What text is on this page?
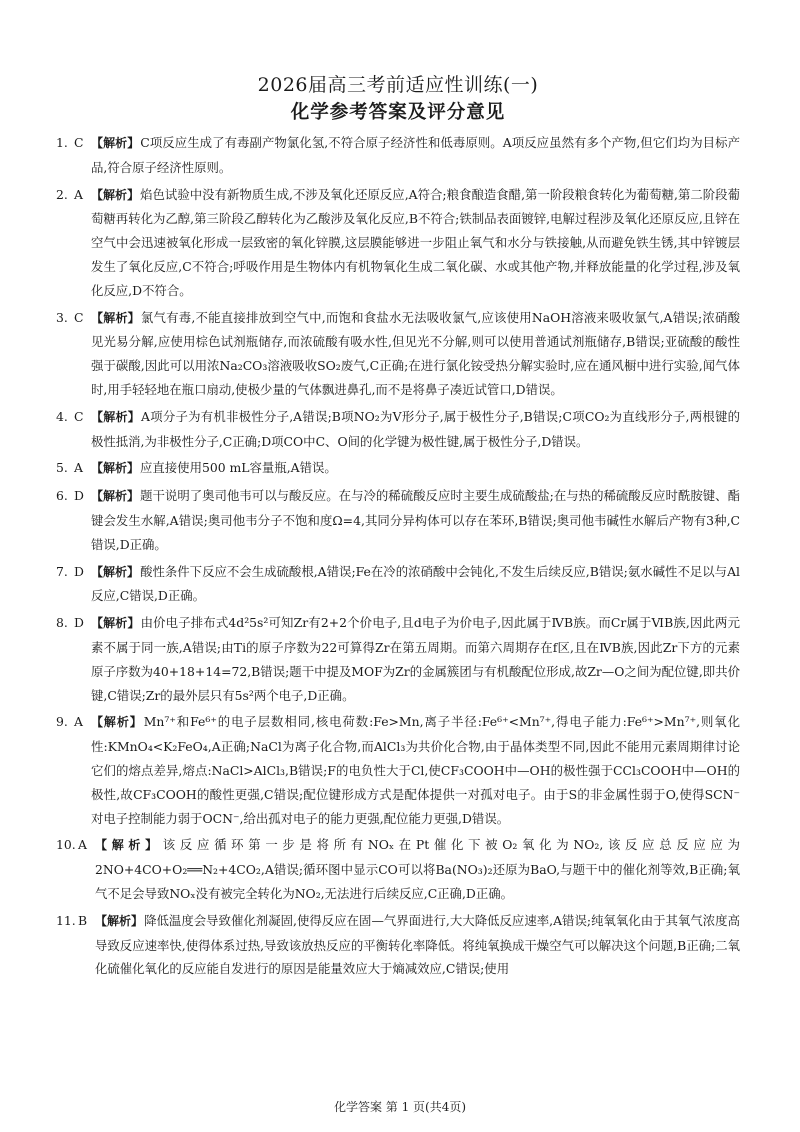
2026届高三考前适应性训练(一)
化学参考答案及评分意见
1. C 【解析】C项反应生成了有毒副产物氯化氢,不符合原子经济性和低毒原则。A项反应虽然有多个产物,但它们均为目标产品,符合原子经济性原则。
2. A 【解析】焰色试验中没有新物质生成,不涉及氧化还原反应,A符合;粮食酿造食醋,第一阶段粮食转化为葡萄糖,第二阶段葡萄糖再转化为乙醇,第三阶段乙醇转化为乙酸涉及氧化反应,B不符合;铁制品表面镀锌,电解过程涉及氧化还原反应,且锌在空气中会迅速被氧化形成一层致密的氧化锌膜,这层膜能够进一步阻止氧气和水分与铁接触,从而避免铁生锈,其中锌镀层发生了氧化反应,C不符合;呼吸作用是生物体内有机物氧化生成二氧化碳、水或其他产物,并释放能量的化学过程,涉及氧化反应,D不符合。
3. C 【解析】氯气有毒,不能直接排放到空气中,而饱和食盐水无法吸收氯气,应该使用NaOH溶液来吸收氯气,A错误;浓硝酸见光易分解,应使用棕色试剂瓶储存,而浓硫酸有吸水性,但见光不分解,则可以使用普通试剂瓶储存,B错误;亚硫酸的酸性强于碳酸,因此可以用浓Na₂CO₃溶液吸收SO₂废气,C正确;在进行氯化铵受热分解实验时,应在通风橱中进行实验,闻气体时,用手轻轻地在瓶口扇动,使极少量的气体飘进鼻孔,而不是将鼻子凑近试管口,D错误。
4. C 【解析】A项分子为有机非极性分子,A错误;B项NO₂为V形分子,属于极性分子,B错误;C项CO₂为直线形分子,两根键的极性抵消,为非极性分子,C正确;D项CO中C、O间的化学键为极性键,属于极性分子,D错误。
5. A 【解析】应直接使用500 mL容量瓶,A错误。
6. D 【解析】题干说明了奥司他韦可以与酸反应。在与冷的稀硫酸反应时主要生成硫酸盐;在与热的稀硫酸反应时酰胺键、酯键会发生水解,A错误;奥司他韦分子不饱和度Ω=4,其同分异构体可以存在苯环,B错误;奥司他韦碱性水解后产物有3种,C错误,D正确。
7. D 【解析】酸性条件下反应不会生成硫酸根,A错误;Fe在冷的浓硝酸中会钝化,不发生后续反应,B错误;氨水碱性不足以与Al反应,C错误,D正确。
8. D 【解析】由价电子排布式4d²5s²可知Zr有2+2个价电子,且d电子为价电子,因此属于ⅣB族。而Cr属于ⅥB族,因此两元素不属于同一族,A错误;由Ti的原子序数为22可算得Zr在第五周期。而第六周期存在f区,且在ⅣB族,因此Zr下方的元素原子序数为40+18+14=72,B错误;题干中提及MOF为Zr的金属簇团与有机酸配位形成,故Zr—O之间为配位键,即共价键,C错误;Zr的最外层只有5s²两个电子,D正确。
9. A 【解析】Mn⁷⁺和Fe⁶⁺的电子层数相同,核电荷数:Fe>Mn,离子半径:Fe⁶⁺<Mn⁷⁺,得电子能力:Fe⁶⁺>Mn⁷⁺,则氧化性:KMnO₄<K₂FeO₄,A正确;NaCl为离子化合物,而AlCl₃为共价化合物,由于晶体类型不同,因此不能用元素周期律讨论它们的熔点差异,熔点:NaCl>AlCl₃,B错误;F的电负性大于Cl,使CF₃COOH中—OH的极性强于CCl₃COOH中—OH的极性,故CF₃COOH的酸性更强,C错误;配位键形成方式是配体提供一对孤对电子。由于S的非金属性弱于O,使得SCN⁻对电子控制能力弱于OCN⁻,给出孤对电子的能力更强,配位能力更强,D错误。
10. A 【解析】该反应循环第一步是将所有NOₓ在Pt催化下被O₂氧化为NO₂,该反应总反应应为2NO+4CO+O₂══N₂+4CO₂,A错误;循环图中显示CO可以将Ba(NO₃)₂还原为BaO,与题干中的催化剂等效,B正确;氧气不足会导致NOₓ没有被完全转化为NO₂,无法进行后续反应,C正确,D正确。
11. B 【解析】降低温度会导致催化剂凝固,使得反应在固—气界面进行,大大降低反应速率,A错误;纯氧氧化由于其氧气浓度高导致反应速率快,使得体系过热,导致该放热反应的平衡转化率降低。将纯氧换成干燥空气可以解决这个问题,B正确;二氧化硫催化氧化的反应能自发进行的原因是能量效应大于熵减效应,C错误;使用
化学答案 第 1 页(共4页)
